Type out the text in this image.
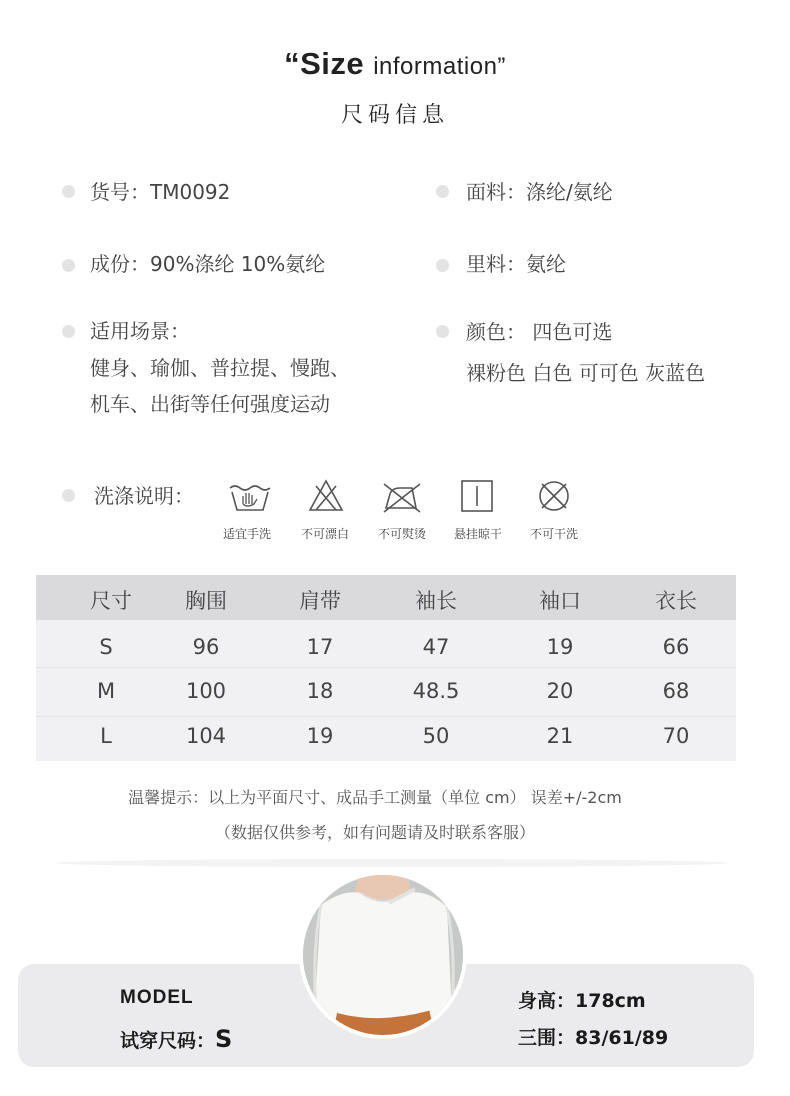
“Size information”
尺码信息
货号：TM0092	面料：涤纶/氨纶
成份：90%涤纶 10%氨纶	里料：氨纶
适用场景：
健身、瑜伽、普拉提、慢跑、
机车、出街等任何强度运动
颜色： 四色可选
裸粉色 白色 可可色 灰蓝色
洗涤说明：
适宜手洗	不可漂白	不可熨烫	悬挂晾干	不可干洗
尺寸	胸围	肩带	袖长	袖口	衣长
S	96	17	47	19	66
M	100	18	48.5	20	68
L	104	19	50	21	70
温馨提示：以上为平面尺寸、成品手工测量（单位 cm） 误差+/-2cm
（数据仅供参考，如有问题请及时联系客服）
MODEL
试穿尺码：S
身高：178cm
三围：83/61/89
